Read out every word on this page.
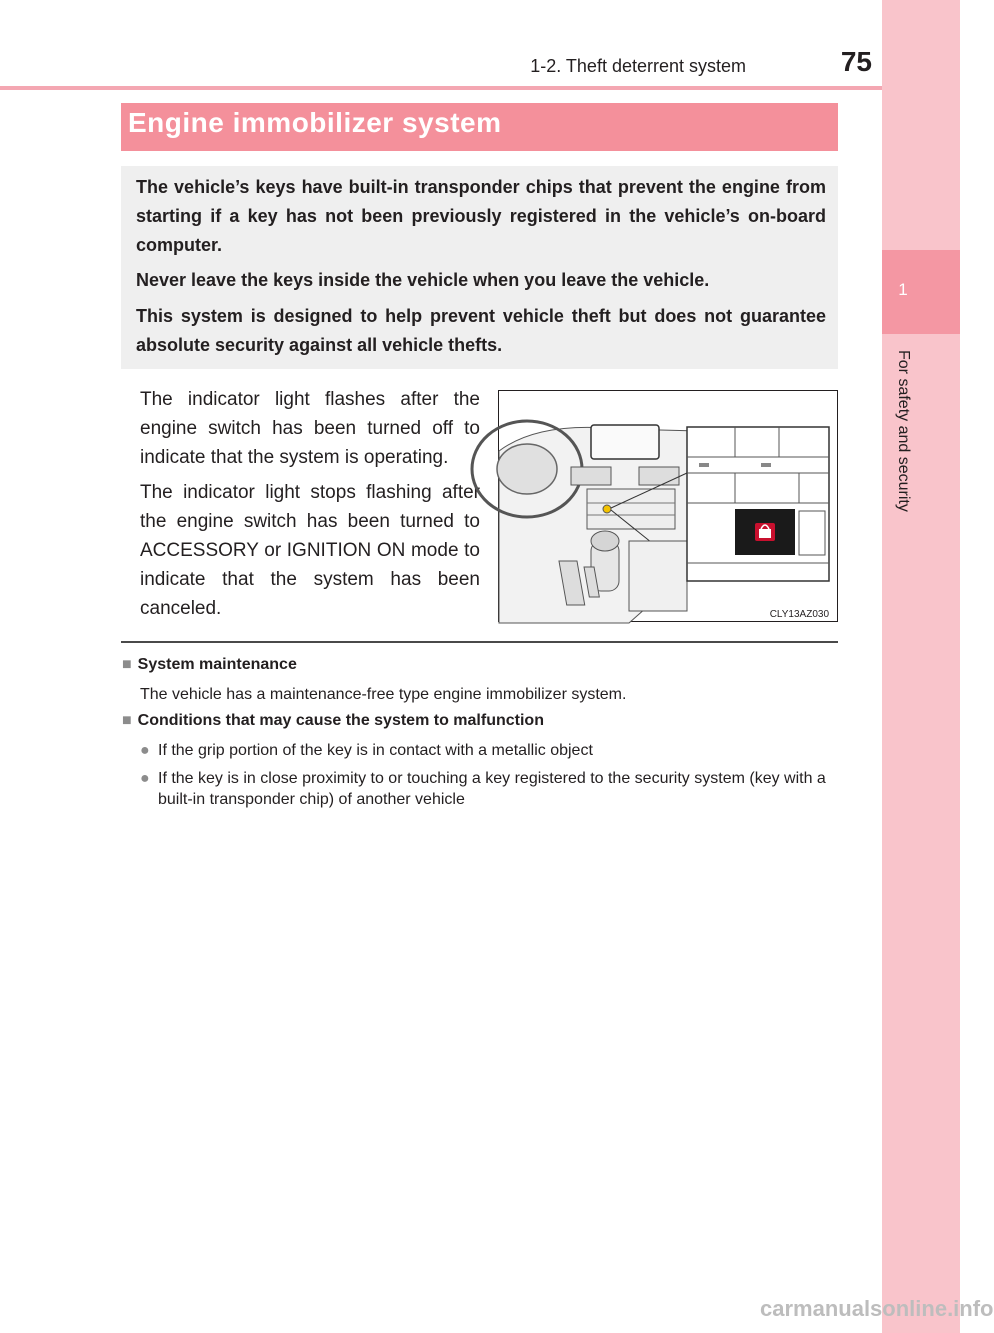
1-2. Theft deterrent system	75
1
For safety and security
Engine immobilizer system

The vehicle’s keys have built-in transponder chips that prevent the engine from starting if a key has not been previously registered in the vehicle’s on-board computer.

Never leave the keys inside the vehicle when you leave the vehicle.

This system is designed to help prevent vehicle theft but does not guarantee absolute security against all vehicle thefts.

The indicator light flashes after the engine switch has been turned off to indicate that the system is operating.

The indicator light stops flashing after the engine switch has been turned to ACCESSORY or IGNITION ON mode to indicate that the system has been canceled.	CLY13AZ030
■ System maintenance
The vehicle has a maintenance-free type engine immobilizer system.
■ Conditions that may cause the system to malfunction
● If the grip portion of the key is in contact with a metallic object
● If the key is in close proximity to or touching a key registered to the security system (key with a built-in transponder chip) of another vehicle
carmanualsonline.info
